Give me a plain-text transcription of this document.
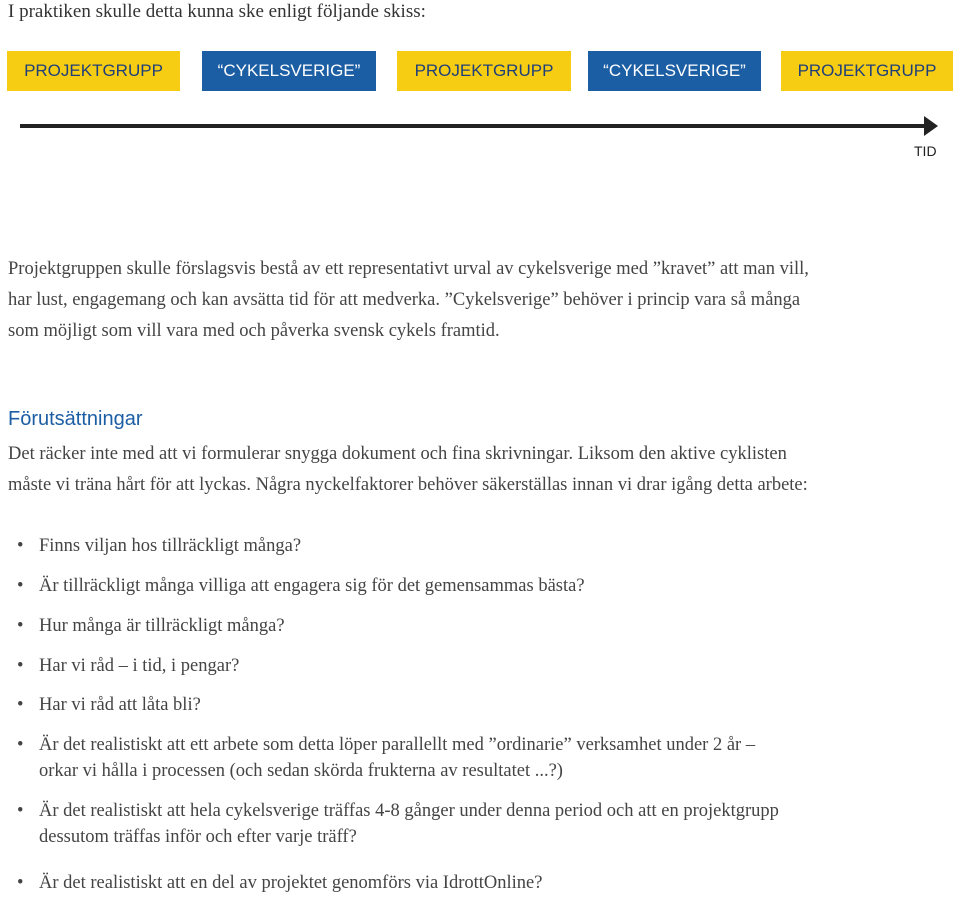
I praktiken skulle detta kunna ske enligt följande skiss:
PROJEKTGRUPP	“CYKELSVERIGE”	PROJEKTGRUPP	“CYKELSVERIGE”	PROJEKTGRUPP
TID
Projektgruppen skulle förslagsvis bestå av ett representativt urval av cykelsverige med ”kravet” att man vill,
har lust, engagemang och kan avsätta tid för att medverka. ”Cykelsverige” behöver i princip vara så många
som möjligt som vill vara med och påverka svensk cykels framtid.
Förutsättningar
Det räcker inte med att vi formulerar snygga dokument och fina skrivningar. Liksom den aktive cyklisten
måste vi träna hårt för att lyckas. Några nyckelfaktorer behöver säkerställas innan vi drar igång detta arbete:
• Finns viljan hos tillräckligt många?
• Är tillräckligt många villiga att engagera sig för det gemensammas bästa?
• Hur många är tillräckligt många?
• Har vi råd – i tid, i pengar?
• Har vi råd att låta bli?
• Är det realistiskt att ett arbete som detta löper parallellt med ”ordinarie” verksamhet under 2 år –
orkar vi hålla i processen (och sedan skörda frukterna av resultatet ...?)
• Är det realistiskt att hela cykelsverige träffas 4-8 gånger under denna period och att en projektgrupp
dessutom träffas inför och efter varje träff?
• Är det realistiskt att en del av projektet genomförs via IdrottOnline?
